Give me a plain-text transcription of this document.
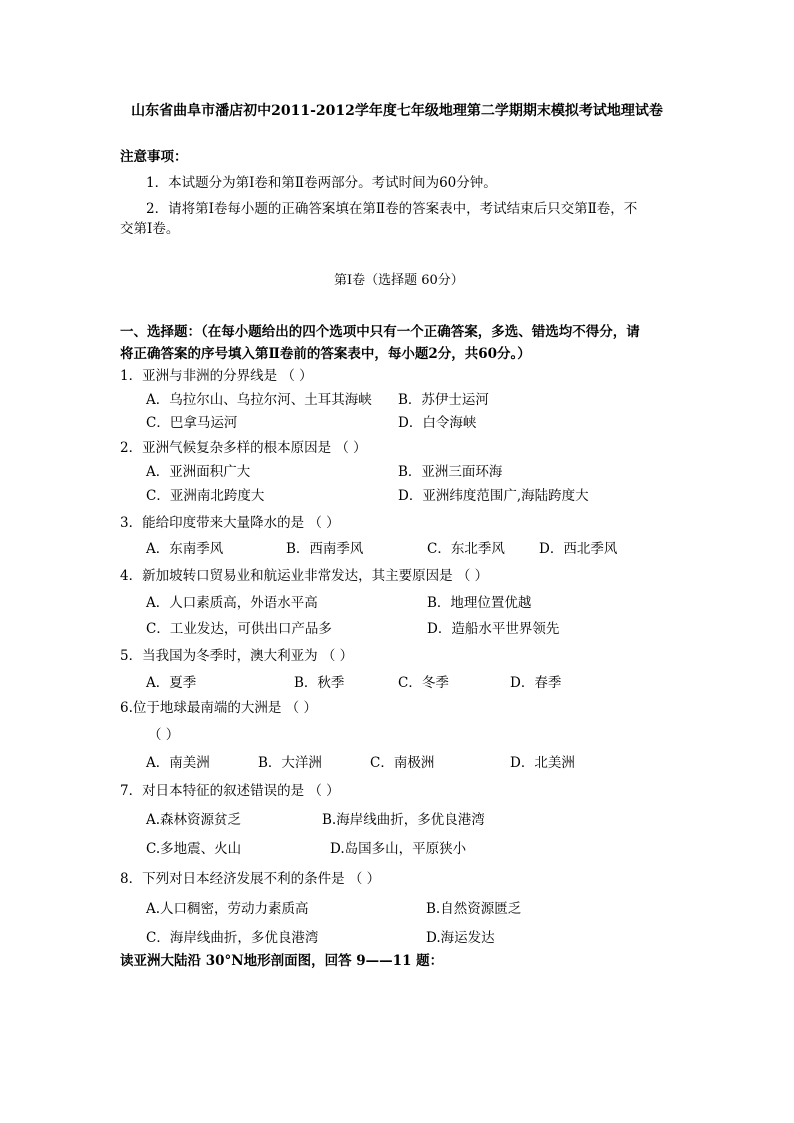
山东省曲阜市潘店初中2011-2012学年度七年级地理第二学期期末模拟考试地理试卷
注意事项：
1．本试题分为第Ⅰ卷和第Ⅱ卷两部分。考试时间为60分钟。
2．请将第Ⅰ卷每小题的正确答案填在第Ⅱ卷的答案表中，考试结束后只交第Ⅱ卷，不
交第Ⅰ卷。
第Ⅰ卷（选择题 60分）
一、选择题：（在每小题给出的四个选项中只有一个正确答案，多选、错选均不得分，请
将正确答案的序号填入第Ⅱ卷前的答案表中，每小题2分，共60分。）
1．亚洲与非洲的分界线是 （ ）
A．乌拉尔山、乌拉尔河、土耳其海峡 B．苏伊士运河
C．巴拿马运河	D．白令海峡
2．亚洲气候复杂多样的根本原因是 （ ）
A．亚洲面积广大	B．亚洲三面环海
C．亚洲南北跨度大	D．亚洲纬度范围广,海陆跨度大
3．能给印度带来大量降水的是 （ ）
A．东南季风	B．西南季风	C．东北季风	D．西北季风
4．新加坡转口贸易业和航运业非常发达，其主要原因是 （ ）
A．人口素质高，外语水平高	B．地理位置优越
C．工业发达，可供出口产品多	D．造船水平世界领先
5．当我国为冬季时，澳大利亚为 （ ）
A．夏季	B．秋季	C．冬季	D．春季
6.位于地球最南端的大洲是 （ ）
（ ）
A．南美洲	B．大洋洲	C．南极洲	D．北美洲
7．对日本特征的叙述错误的是 （ ）
A.森林资源贫乏	B.海岸线曲折，多优良港湾
C.多地震、火山	D.岛国多山，平原狭小
8．下列对日本经济发展不利的条件是 （ ）
A.人口稠密，劳动力素质高	B.自然资源匮乏
C．海岸线曲折，多优良港湾	D.海运发达
读亚洲大陆沿 30°N地形剖面图，回答 9——11 题：
